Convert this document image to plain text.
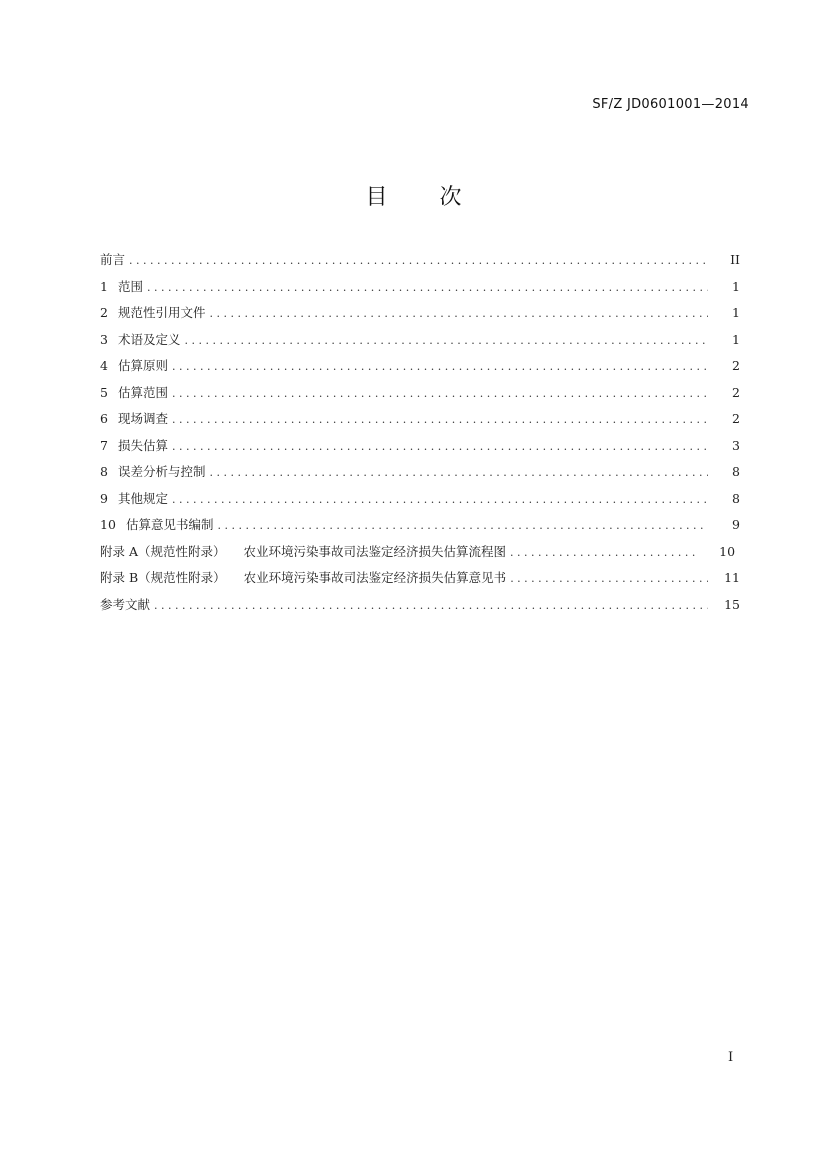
SF/Z JD0601001—2014
目 次
前言 . . .	II
1 范围 . . .	1
2 规范性引用文件 . . .	1
3 术语及定义 . . .	1
4 估算原则 . . .	2
5 估算范围 . . .	2
6 现场调查 . . .	2
7 损失估算 . . .	3
8 误差分析与控制 . . .	8
9 其他规定 . . .	8
10 估算意见书编制 . . .	9
附录 A（规范性附录）	农业环境污染事故司法鉴定经济损失估算流程图 . . .	10
附录 B（规范性附录）	农业环境污染事故司法鉴定经济损失估算意见书 . . .	11
参考文献 . . .	15
I
